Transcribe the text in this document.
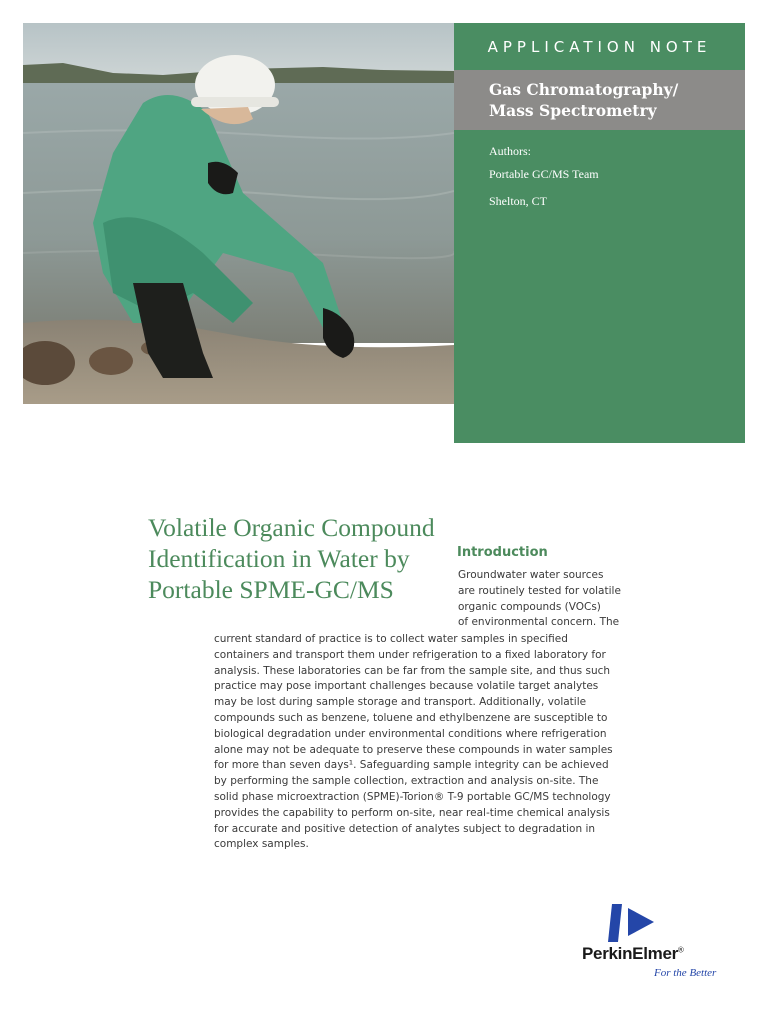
APPLICATION NOTE
Gas Chromatography/
Mass Spectrometry
Authors:
Portable GC/MS Team
Shelton, CT
Volatile Organic Compound
Identification in Water by
Portable SPME-GC/MS
Introduction
Groundwater water sources
are routinely tested for volatile
organic compounds (VOCs)
of environmental concern. The
current standard of practice is to collect water samples in specified containers and transport them under refrigeration to a fixed laboratory for analysis. These laboratories can be far from the sample site, and thus such practice may pose important challenges because volatile target analytes may be lost during sample storage and transport. Additionally, volatile compounds such as benzene, toluene and ethylbenzene are susceptible to biological degradation under environmental conditions where refrigeration alone may not be adequate to preserve these compounds in water samples for more than seven days¹. Safeguarding sample integrity can be achieved by performing the sample collection, extraction and analysis on-site. The solid phase microextraction (SPME)-Torion® T-9 portable GC/MS technology provides the capability to perform on-site, near real-time chemical analysis for accurate and positive detection of analytes subject to degradation in complex samples.
PerkinElmer®
For the Better
